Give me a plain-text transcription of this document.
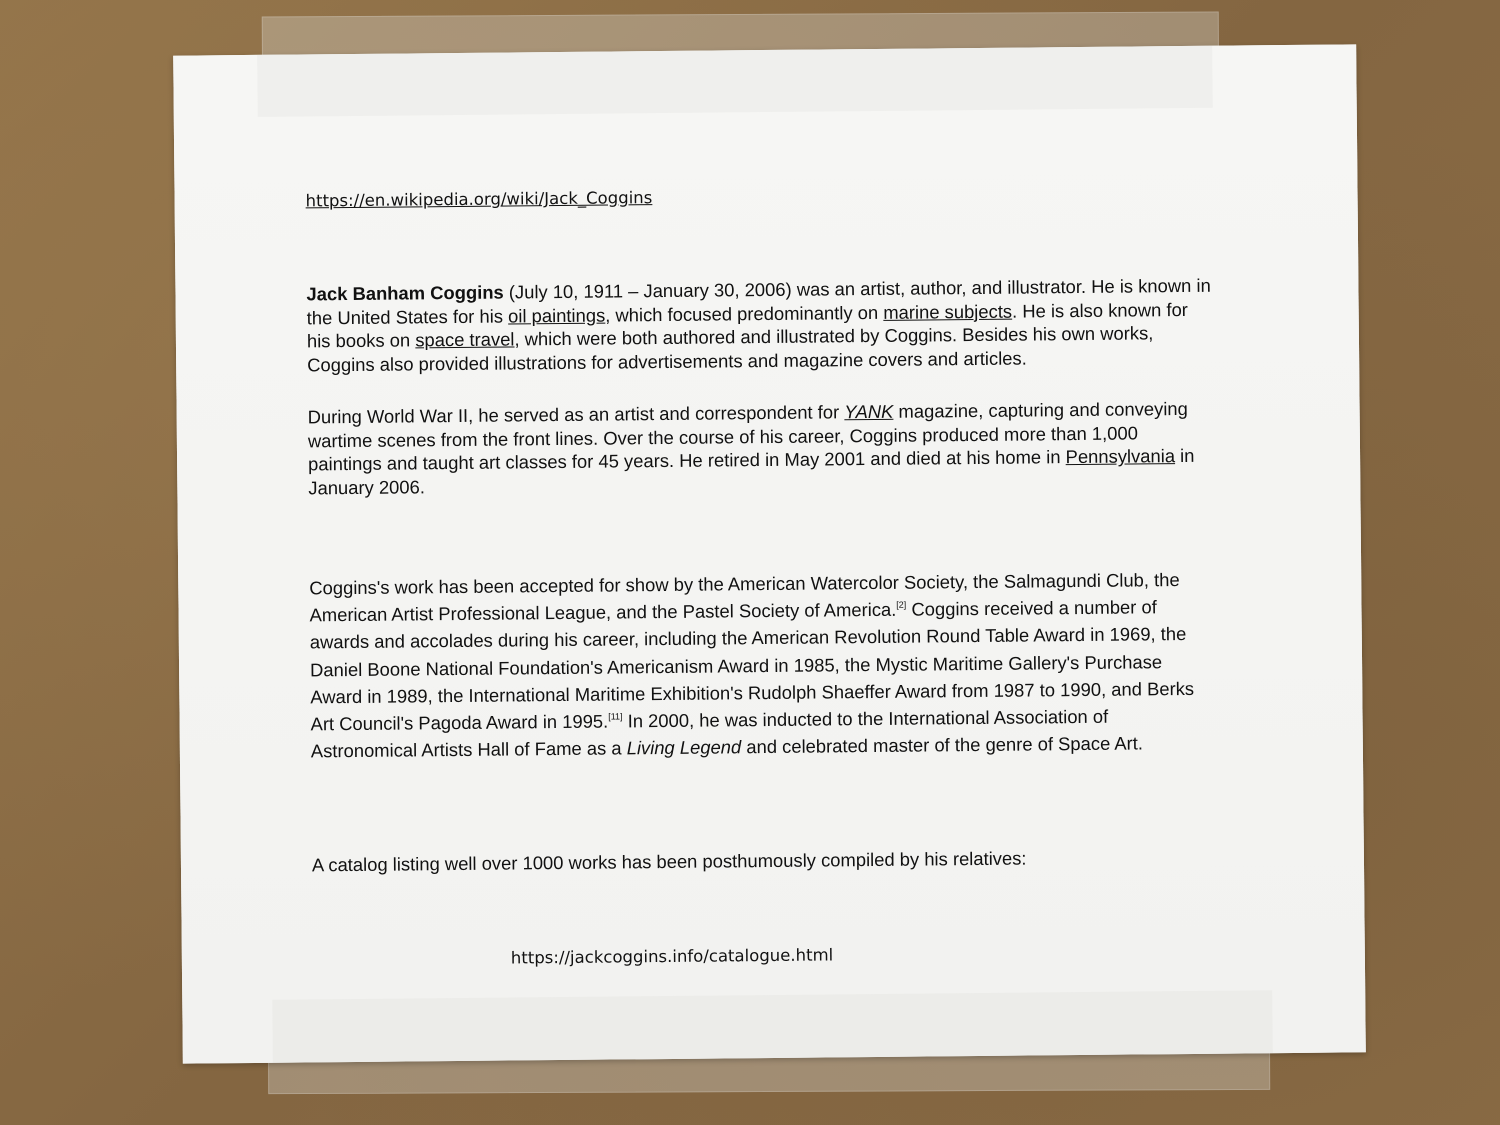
https://en.wikipedia.org/wiki/Jack_Coggins
Jack Banham Coggins (July 10, 1911 – January 30, 2006) was an artist, author, and illustrator. He is known in the United States for his oil paintings, which focused predominantly on marine subjects. He is also known for his books on space travel, which were both authored and illustrated by Coggins. Besides his own works, Coggins also provided illustrations for advertisements and magazine covers and articles.
During World War II, he served as an artist and correspondent for YANK magazine, capturing and conveying wartime scenes from the front lines. Over the course of his career, Coggins produced more than 1,000 paintings and taught art classes for 45 years. He retired in May 2001 and died at his home in Pennsylvania in January 2006.
Coggins's work has been accepted for show by the American Watercolor Society, the Salmagundi Club, the American Artist Professional League, and the Pastel Society of America.[2] Coggins received a number of awards and accolades during his career, including the American Revolution Round Table Award in 1969, the Daniel Boone National Foundation's Americanism Award in 1985, the Mystic Maritime Gallery's Purchase Award in 1989, the International Maritime Exhibition's Rudolph Shaeffer Award from 1987 to 1990, and Berks Art Council's Pagoda Award in 1995.[11] In 2000, he was inducted to the International Association of Astronomical Artists Hall of Fame as a Living Legend and celebrated master of the genre of Space Art.
A catalog listing well over 1000 works has been posthumously compiled by his relatives:
https://jackcoggins.info/catalogue.html
